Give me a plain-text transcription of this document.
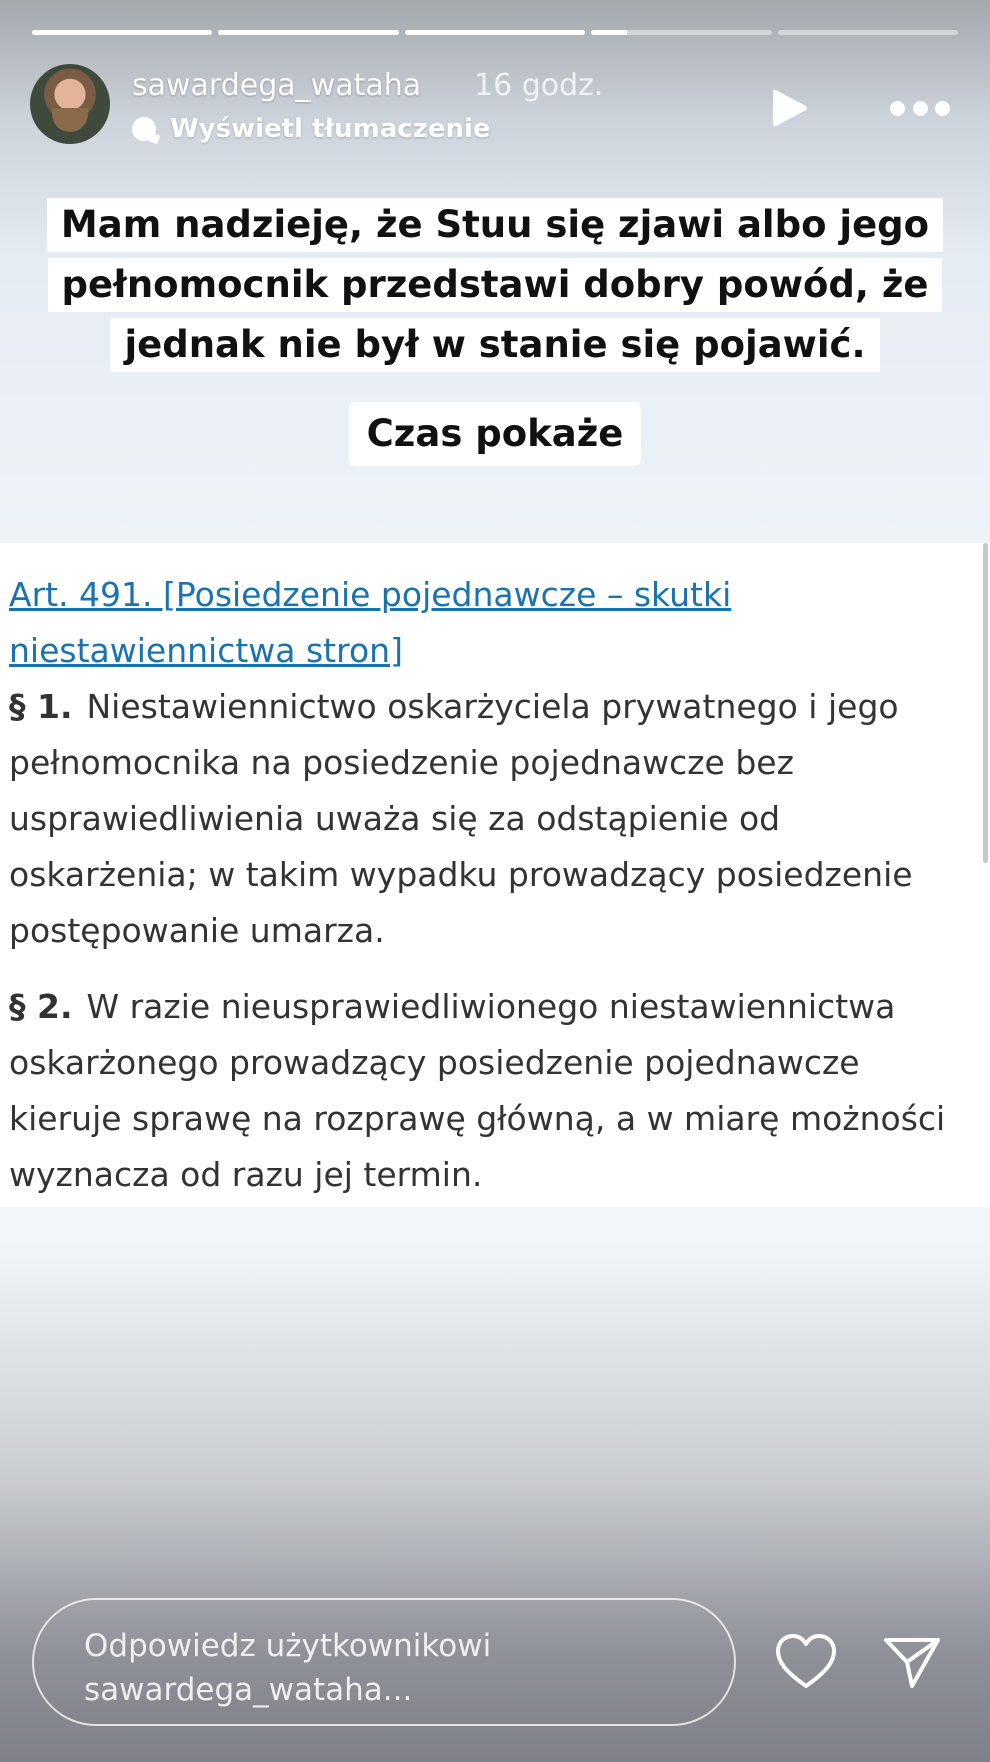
sawardega_wataha 16 godz.
Wyświetl tłumaczenie
Mam nadzieję, że Stuu się zjawi albo jego
pełnomocnik przedstawi dobry powód, że
jednak nie był w stanie się pojawić.
Czas pokaże
Art. 491. [Posiedzenie pojednawcze – skutki
niestawiennictwa stron]
§ 1. Niestawiennictwo oskarżyciela prywatnego i jego
pełnomocnika na posiedzenie pojednawcze bez
usprawiedliwienia uważa się za odstąpienie od
oskarżenia; w takim wypadku prowadzący posiedzenie
postępowanie umarza.
§ 2. W razie nieusprawiedliwionego niestawiennictwa
oskarżonego prowadzący posiedzenie pojednawcze
kieruje sprawę na rozprawę główną, a w miarę możności
wyznacza od razu jej termin.
Odpowiedz użytkownikowi
sawardega_wataha...
